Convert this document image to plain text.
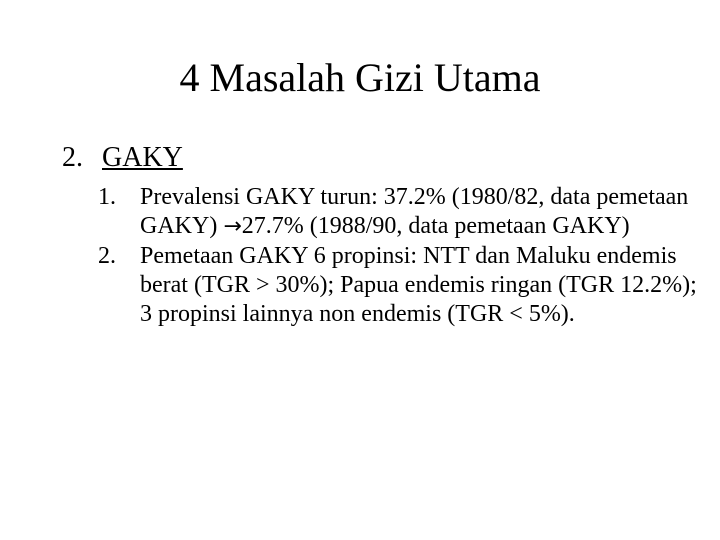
4 Masalah Gizi Utama

2. GAKY

1. Prevalensi GAKY turun: 37.2% (1980/82, data pemetaan GAKY) →27.7% (1988/90, data pemetaan GAKY)
2. Pemetaan GAKY 6 propinsi: NTT dan Maluku endemis berat (TGR > 30%); Papua endemis ringan (TGR 12.2%); 3 propinsi lainnya non endemis (TGR < 5%).
